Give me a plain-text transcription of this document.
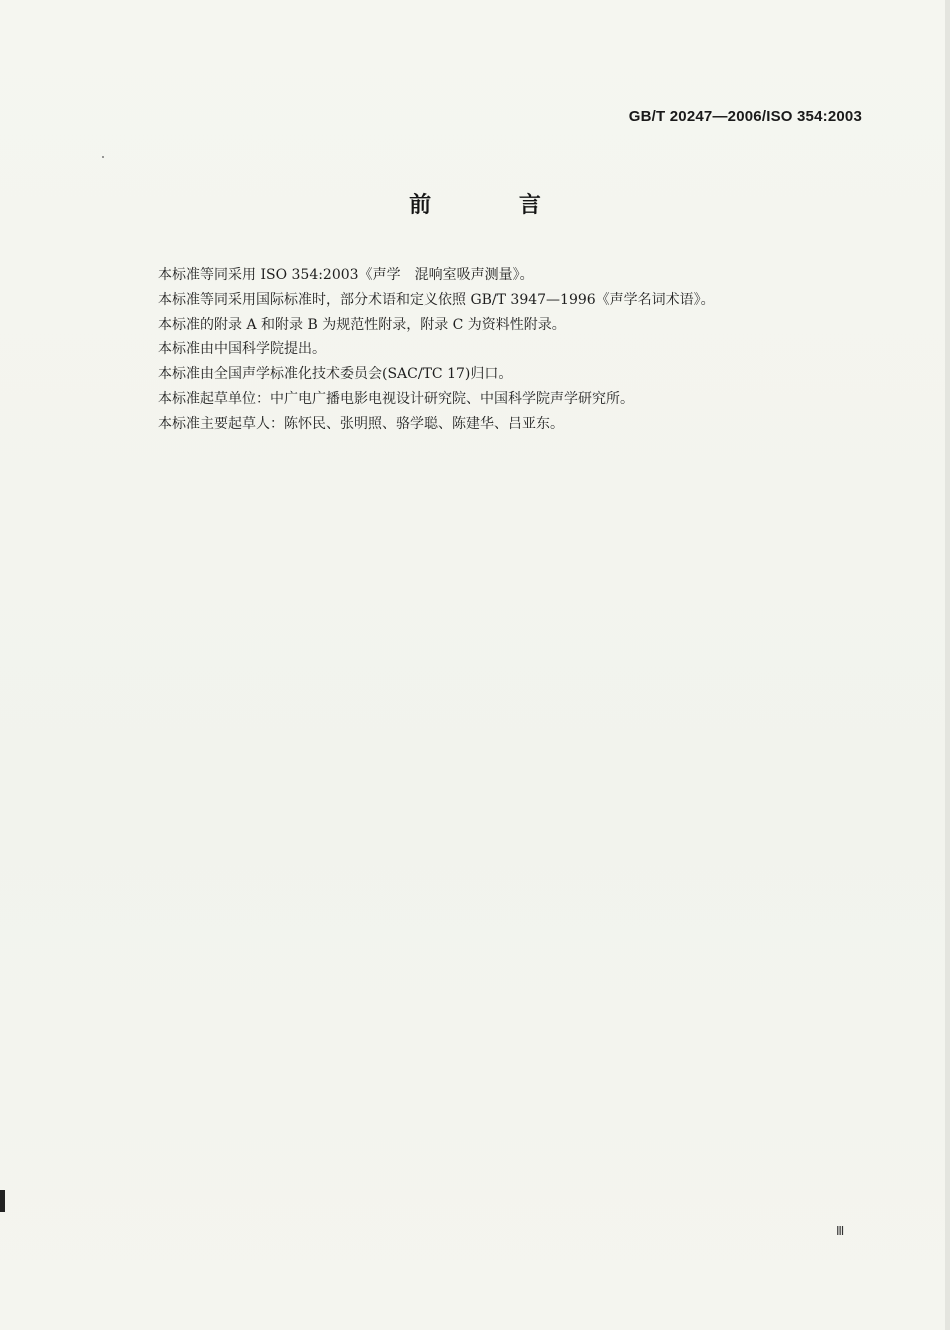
GB/T 20247—2006/ISO 354:2003
前 言
本标准等同采用 ISO 354:2003《声学　混响室吸声测量》。
本标准等同采用国际标准时，部分术语和定义依照 GB/T 3947—1996《声学名词术语》。
本标准的附录 A 和附录 B 为规范性附录，附录 C 为资料性附录。
本标准由中国科学院提出。
本标准由全国声学标准化技术委员会(SAC/TC 17)归口。
本标准起草单位：中广电广播电影电视设计研究院、中国科学院声学研究所。
本标准主要起草人：陈怀民、张明照、骆学聪、陈建华、吕亚东。
Ⅲ
